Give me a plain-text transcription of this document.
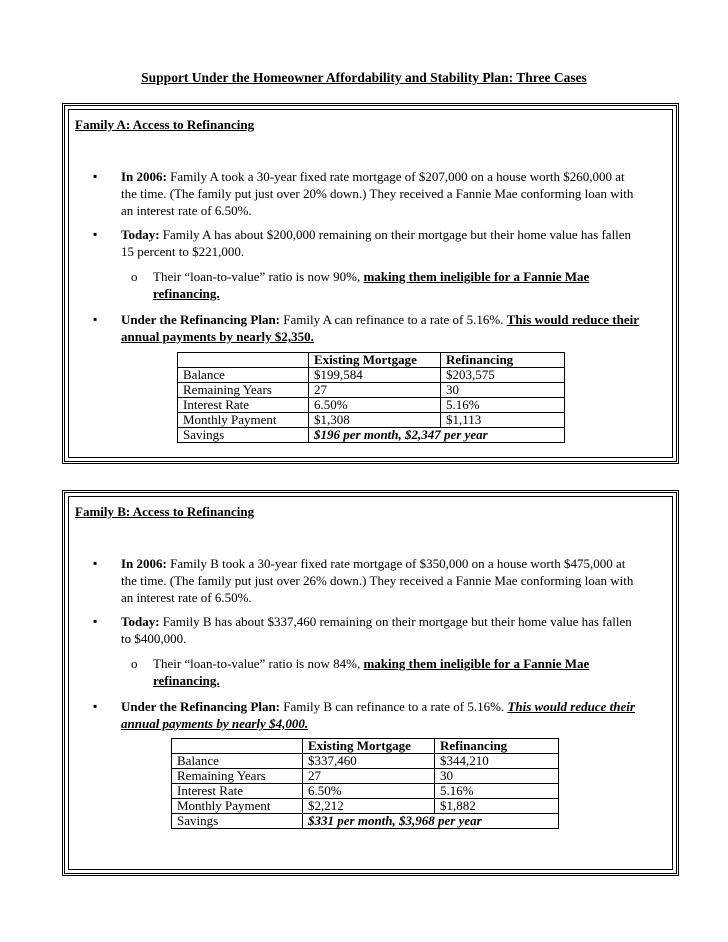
Support Under the Homeowner Affordability and Stability Plan: Three Cases
Family A: Access to Refinancing
▪	In 2006: Family A took a 30-year fixed rate mortgage of $207,000 on a house worth $260,000 at the time. (The family put just over 20% down.) They received a Fannie Mae conforming loan with an interest rate of 6.50%.
▪	Today: Family A has about $200,000 remaining on their mortgage but their home value has fallen 15 percent to $221,000.
o Their “loan-to-value” ratio is now 90%, making them ineligible for a Fannie Mae refinancing.
▪	Under the Refinancing Plan: Family A can refinance to a rate of 5.16%. This would reduce their annual payments by nearly $2,350.
	Existing Mortgage	Refinancing
Balance	$199,584	$203,575
Remaining Years	27	30
Interest Rate	6.50%	5.16%
Monthly Payment	$1,308	$1,113
Savings	$196 per month, $2,347 per year	
Family B: Access to Refinancing
▪	In 2006: Family B took a 30-year fixed rate mortgage of $350,000 on a house worth $475,000 at the time. (The family put just over 26% down.) They received a Fannie Mae conforming loan with an interest rate of 6.50%.
▪	Today: Family B has about $337,460 remaining on their mortgage but their home value has fallen to $400,000.
o Their “loan-to-value” ratio is now 84%, making them ineligible for a Fannie Mae refinancing.
▪	Under the Refinancing Plan: Family B can refinance to a rate of 5.16%. This would reduce their annual payments by nearly $4,000.
	Existing Mortgage	Refinancing
Balance	$337,460	$344,210
Remaining Years	27	30
Interest Rate	6.50%	5.16%
Monthly Payment	$2,212	$1,882
Savings	$331 per month, $3,968 per year	
